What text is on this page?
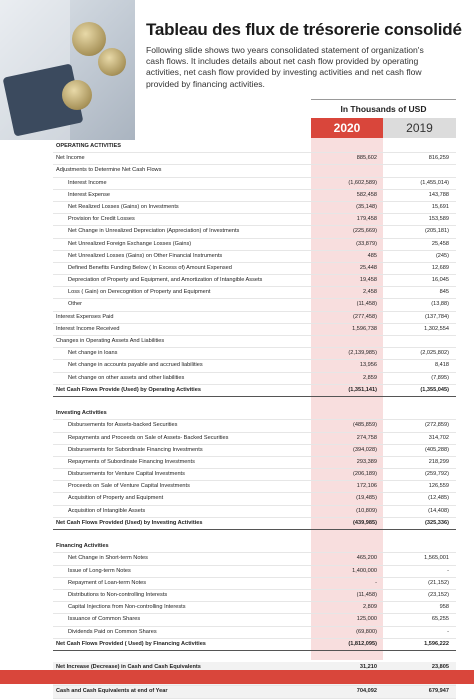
Tableau des flux de trésorerie consolidé
Following slide shows two years consolidated statement of organization's cash flows. It includes details about net cash flow provided by operating activities, net cash flow provided by investing activities and net cash flow provided by financing activities.
In Thousands of USD
2020	2019
OPERATING ACTIVITIES
Net Income	885,602	816,259
Adjustments to Determine Net Cash Flows
Interest Income	(1,602,589)	(1,455,014)
Interest Expense	582,458	143,788
Net Realized Losses (Gains) on Investments	(35,148)	15,691
Provision for Credit Losses	179,458	153,589
Net Change in Unrealized Depreciation (Appreciation) of Investments	(225,669)	(205,181)
Net Unrealized Foreign Exchange Losses (Gains)	(33,879)	25,458
Net Unrealized Losses (Gains) on Other Financial Instruments	485	(245)
Defined Benefits Funding Below ( In Excess of) Amount Expensed	25,448	12,689
Depreciation of Property and Equipment, and Amortization of Intangible Assets	19,458	16,045
Loss ( Gain) on Derecognition of Property and Equipment	2,458	845
Other	(11,458)	(13,88)
Interest Expenses Paid	(277,458)	(137,784)
Interest Income Received	1,596,738	1,302,554
Changes in Operating Assets And Liabilities
Net change in loans	(2,139,985)	(2,025,802)
Net change in accounts payable and accrued liabilities	13,956	8,418
Net change on other assets and other liabilities	2,859	(7,895)
Net Cash Flows Provide (Used) by Operating Activities	(1,351,141)	(1,355,045)
Investing Activities
Disbursements for Assets-backed Securities	(485,859)	(272,859)
Repayments and Proceeds on Sale of Assets- Backed Securities	274,758	314,702
Disbursements for Subordinate Financing Investments	(394,028)	(405,288)
Repayments of Subordinate Financing Investments	293,389	218,299
Disbursements for Venture Capital Investments	(206,189)	(259,792)
Proceeds on Sale of Venture Capital Investments	172,106	126,559
Acquisition of Property and Equipment	(19,485)	(12,485)
Acquisition of Intangible Assets	(10,809)	(14,408)
Net Cash Flows Provided (Used) by Investing Activities	(439,985)	(325,336)
Financing Activities
Net Change in Short-term Notes	465,200	1,565,001
Issue of Long-term Notes	1,400,000	-
Repayment of Loan-term Notes	-	(21,152)
Distributions to Non-controlling Interests	(11,458)	(23,152)
Capital Injections from Non-controlling Interests	2,809	958
Issuance of Common Shares	125,000	65,255
Dividends Paid on Common Shares	(69,800)	-
Net Cash Flows Provided ( Used) by Financing Activities	(1,812,095)	1,596,222
Net Increase (Decrease) in Cash and Cash Equivalents	31,210	23,805
Cash and Cash Equivalents at end of Year	704,092	679,947
